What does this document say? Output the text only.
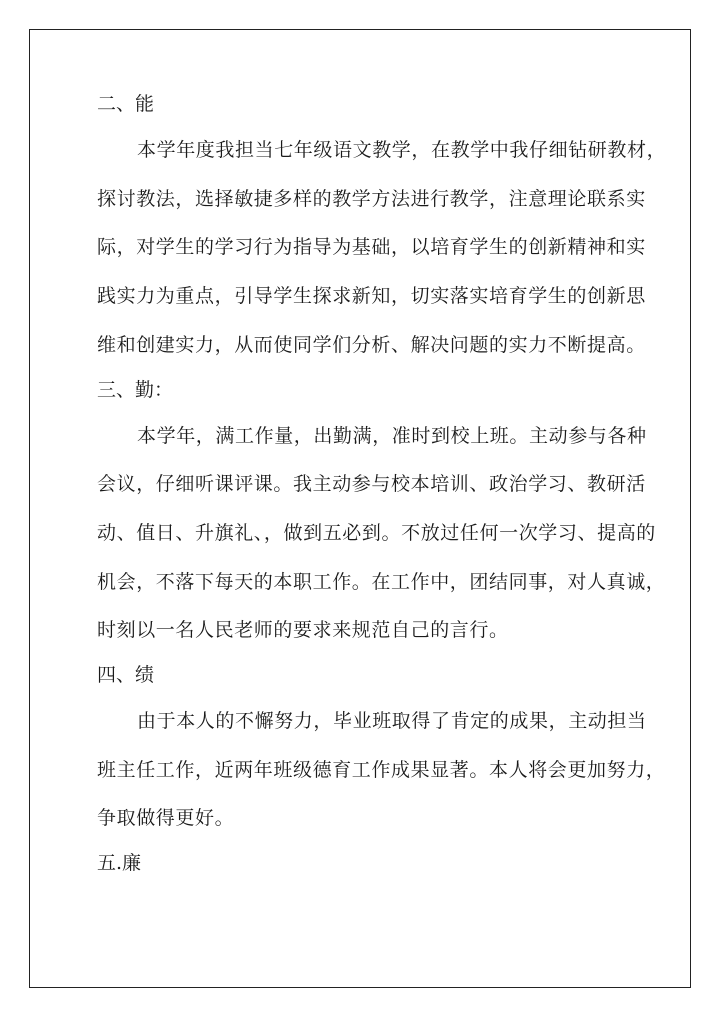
二、能
本学年度我担当七年级语文教学，在教学中我仔细钻研教材，
探讨教法，选择敏捷多样的教学方法进行教学，注意理论联系实
际，对学生的学习行为指导为基础，以培育学生的创新精神和实
践实力为重点，引导学生探求新知，切实落实培育学生的创新思
维和创建实力，从而使同学们分析、解决问题的实力不断提高。
三、勤：
本学年，满工作量，出勤满，准时到校上班。主动参与各种
会议，仔细听课评课。我主动参与校本培训、政治学习、教研活
动、值日、升旗礼、，做到五必到。不放过任何一次学习、提高的
机会，不落下每天的本职工作。在工作中，团结同事，对人真诚，
时刻以一名人民老师的要求来规范自己的言行。
四、绩
由于本人的不懈努力，毕业班取得了肯定的成果，主动担当
班主任工作，近两年班级德育工作成果显著。本人将会更加努力，
争取做得更好。
五.廉
